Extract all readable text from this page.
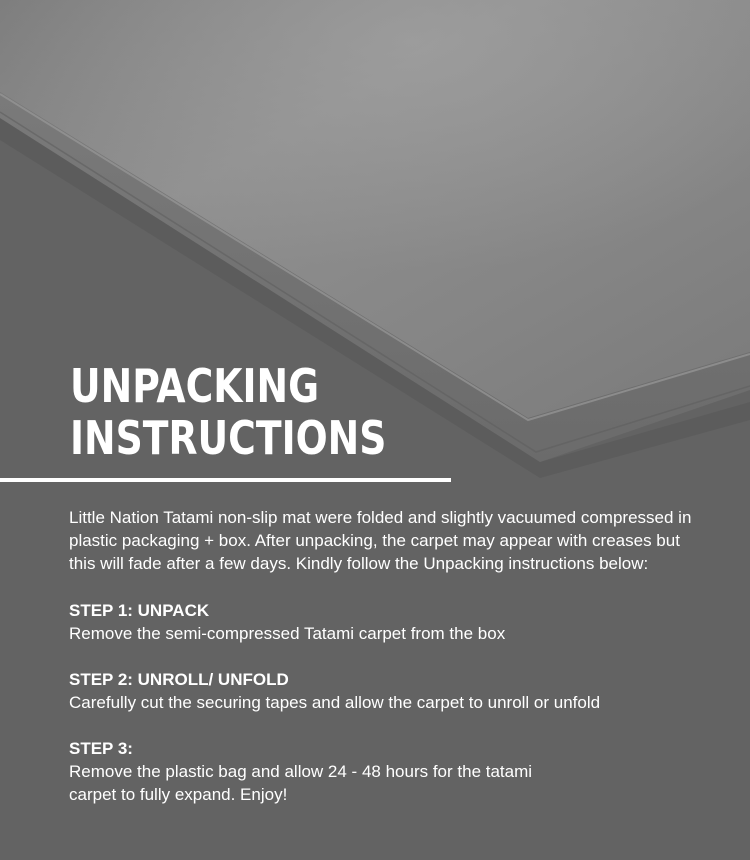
UNPACKING
INSTRUCTIONS

Little Nation Tatami non-slip mat were folded and slightly vacuumed compressed in plastic packaging + box. After unpacking, the carpet may appear with creases but this will fade after a few days. Kindly follow the Unpacking instructions below:

STEP 1: UNPACK
Remove the semi-compressed Tatami carpet from the box
STEP 2: UNROLL/ UNFOLD
Carefully cut the securing tapes and allow the carpet to unroll or unfold
STEP 3:
Remove the plastic bag and allow 24 - 48 hours for the tatami carpet to fully expand. Enjoy!
